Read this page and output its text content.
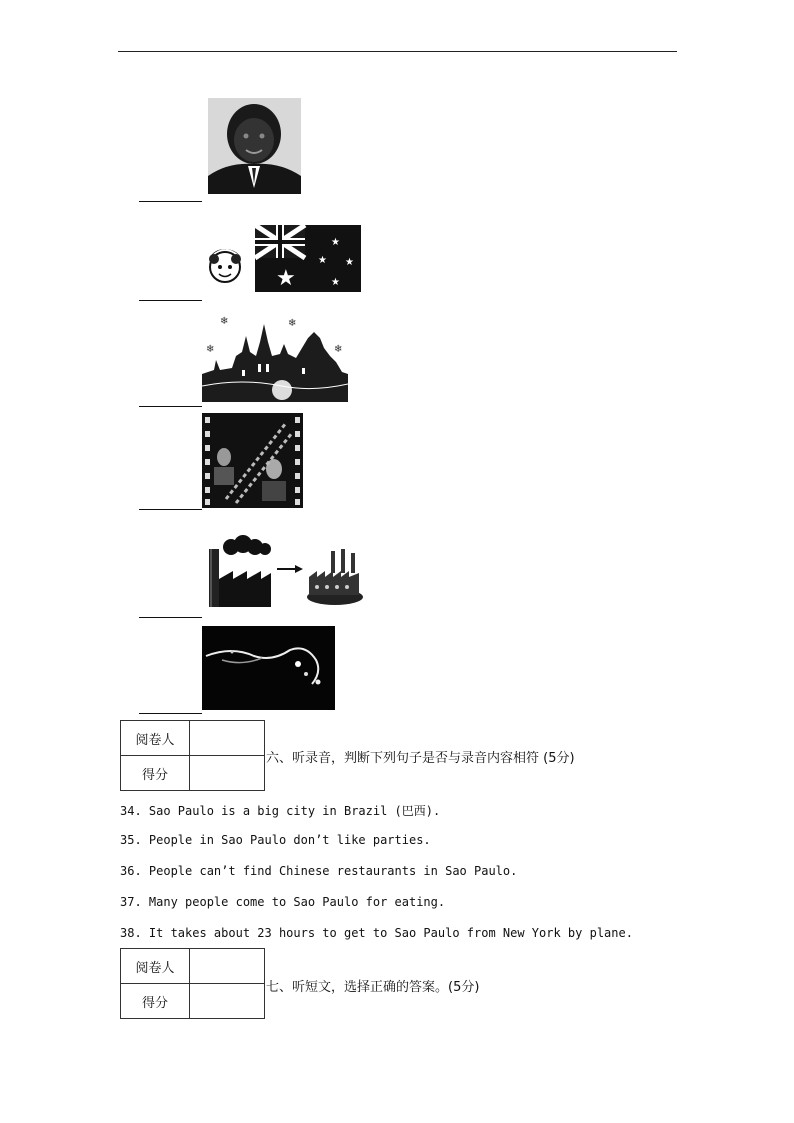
★
★
★ ★
★
❄	❄
❄	❄
阅卷人	
得分	
六、听录音，判断下列句子是否与录音内容相符 (5分)
34. Sao Paulo is a big city in Brazil (巴西).
35. People in Sao Paulo don’t like parties.
36. People can’t find Chinese restaurants in Sao Paulo.
37. Many people come to Sao Paulo for eating.
38. It takes about 23 hours to get to Sao Paulo from New York by plane.
阅卷人	
得分	
七、听短文，选择正确的答案。(5分)
